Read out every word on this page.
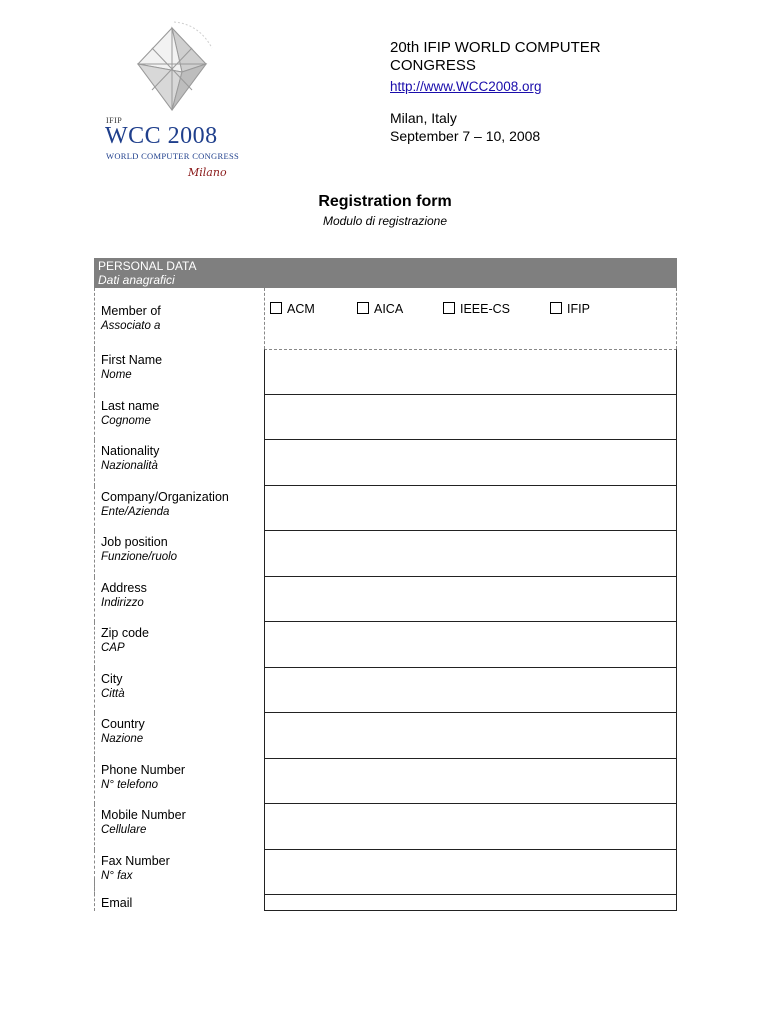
IFIP
WCC 2008
WORLD COMPUTER CONGRESS
Milano
20th IFIP WORLD COMPUTER CONGRESS
http://www.WCC2008.org
Milan, Italy
September 7 – 10, 2008
Registration form
Modulo di registrazione
PERSONAL DATA
Dati anagrafici
Member of
Associato a
ACM	AICA	IEEE-CS	IFIP
First Name
Nome
Last name
Cognome
Nationality
Nazionalità
Company/Organization
Ente/Azienda
Job position
Funzione/ruolo
Address
Indirizzo
Zip code
CAP
City
Città
Country
Nazione
Phone Number
N° telefono
Mobile Number
Cellulare
Fax Number
N° fax
Email
